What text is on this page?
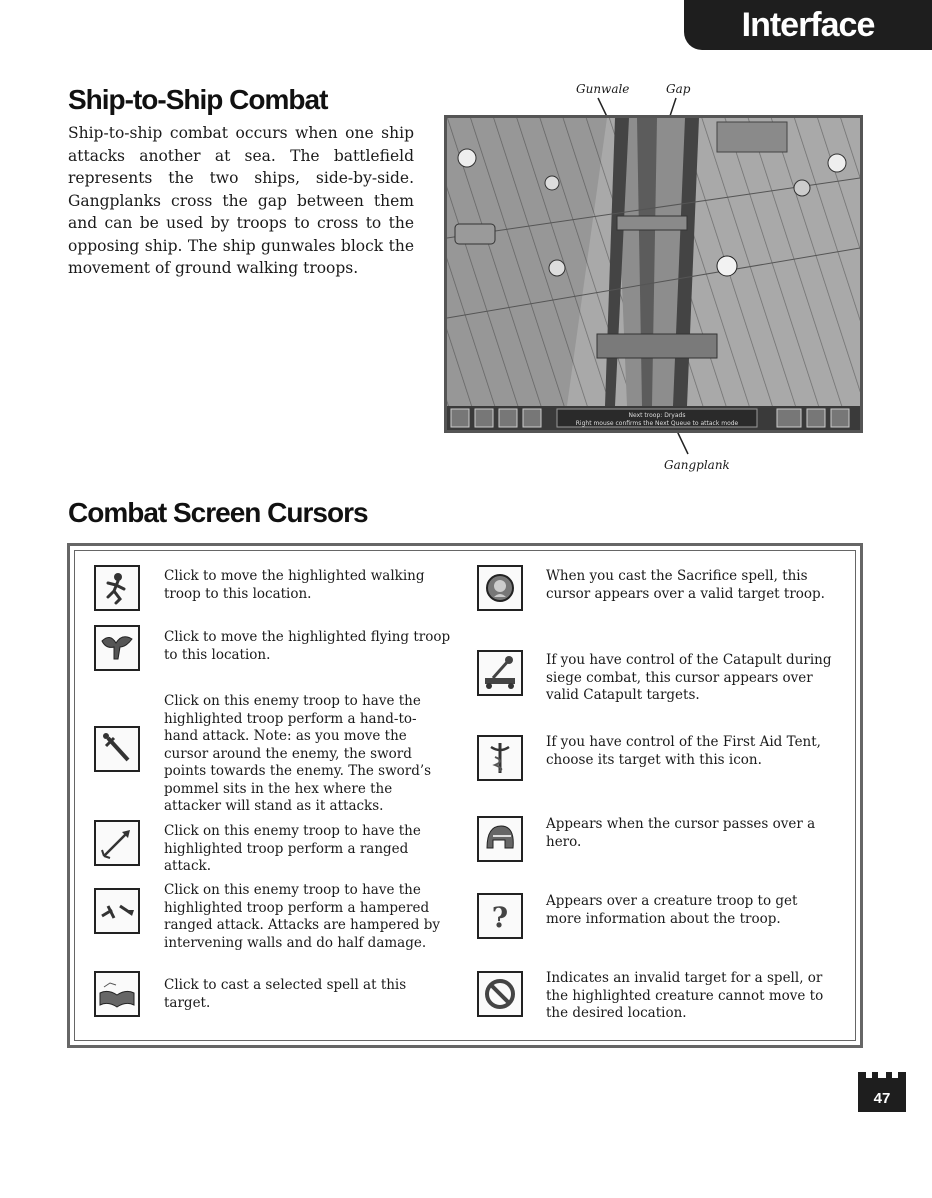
Interface Reference
Ship-to-Ship Combat
Ship-to-ship combat occurs when one ship attacks another at sea. The battlefield represents the two ships, side-by-side. Gangplanks cross the gap between them and can be used by troops to cross to the opposing ship. The ship gunwales block the movement of ground walking troops.
Gunwale	Gap
Gangplank
Next troop: Dryads
Right mouse confirms the Next Queue to attack mode
Combat Screen Cursors
Click to move the highlighted walking troop to this location.
Click to move the highlighted flying troop to this location.
Click on this enemy troop to have the highlighted troop perform a hand-to-hand attack. Note: as you move the cursor around the enemy, the sword points towards the enemy. The sword’s pommel sits in the hex where the attacker will stand as it attacks.
Click on this enemy troop to have the highlighted troop perform a ranged attack.
Click on this enemy troop to have the highlighted troop perform a hampered ranged attack. Attacks are hampered by intervening walls and do half damage.
Click to cast a selected spell at this target.
?
When you cast the Sacrifice spell, this cursor appears over a valid target troop.
If you have control of the Catapult during siege combat, this cursor appears over valid Catapult targets.
If you have control of the First Aid Tent, choose its target with this icon.
Appears when the cursor passes over a hero.
Appears over a creature troop to get more information about the troop.
Indicates an invalid target for a spell, or the highlighted creature cannot move to the desired location.
47
